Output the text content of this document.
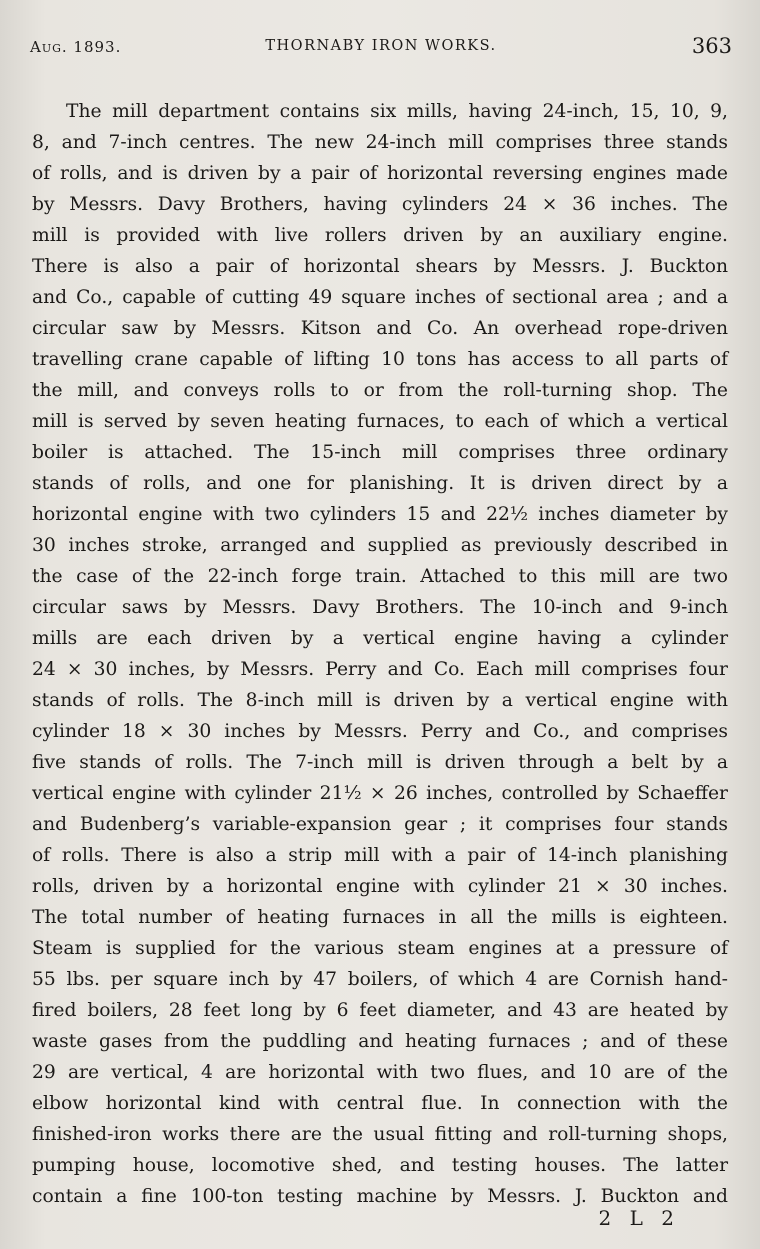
Aug. 1893.	THORNABY IRON WORKS.	363
The mill department contains six mills, having 24-inch, 15, 10, 9,
8, and 7-inch centres. The new 24-inch mill comprises three stands
of rolls, and is driven by a pair of horizontal reversing engines made
by Messrs. Davy Brothers, having cylinders 24 × 36 inches. The
mill is provided with live rollers driven by an auxiliary engine.
There is also a pair of horizontal shears by Messrs. J. Buckton
and Co., capable of cutting 49 square inches of sectional area ; and a
circular saw by Messrs. Kitson and Co. An overhead rope-driven
travelling crane capable of lifting 10 tons has access to all parts of
the mill, and conveys rolls to or from the roll-turning shop. The
mill is served by seven heating furnaces, to each of which a vertical
boiler is attached. The 15-inch mill comprises three ordinary
stands of rolls, and one for planishing. It is driven direct by a
horizontal engine with two cylinders 15 and 22½ inches diameter by
30 inches stroke, arranged and supplied as previously described in
the case of the 22-inch forge train. Attached to this mill are two
circular saws by Messrs. Davy Brothers. The 10-inch and 9-inch
mills are each driven by a vertical engine having a cylinder
24 × 30 inches, by Messrs. Perry and Co. Each mill comprises four
stands of rolls. The 8-inch mill is driven by a vertical engine with
cylinder 18 × 30 inches by Messrs. Perry and Co., and comprises
five stands of rolls. The 7-inch mill is driven through a belt by a
vertical engine with cylinder 21½ × 26 inches, controlled by Schaeffer
and Budenberg’s variable-expansion gear ; it comprises four stands
of rolls. There is also a strip mill with a pair of 14-inch planishing
rolls, driven by a horizontal engine with cylinder 21 × 30 inches.
The total number of heating furnaces in all the mills is eighteen.
Steam is supplied for the various steam engines at a pressure of
55 lbs. per square inch by 47 boilers, of which 4 are Cornish hand-
fired boilers, 28 feet long by 6 feet diameter, and 43 are heated by
waste gases from the puddling and heating furnaces ; and of these
29 are vertical, 4 are horizontal with two flues, and 10 are of the
elbow horizontal kind with central flue. In connection with the
finished-iron works there are the usual fitting and roll-turning shops,
pumping house, locomotive shed, and testing houses. The latter
contain a fine 100-ton testing machine by Messrs. J. Buckton and
2 L 2
